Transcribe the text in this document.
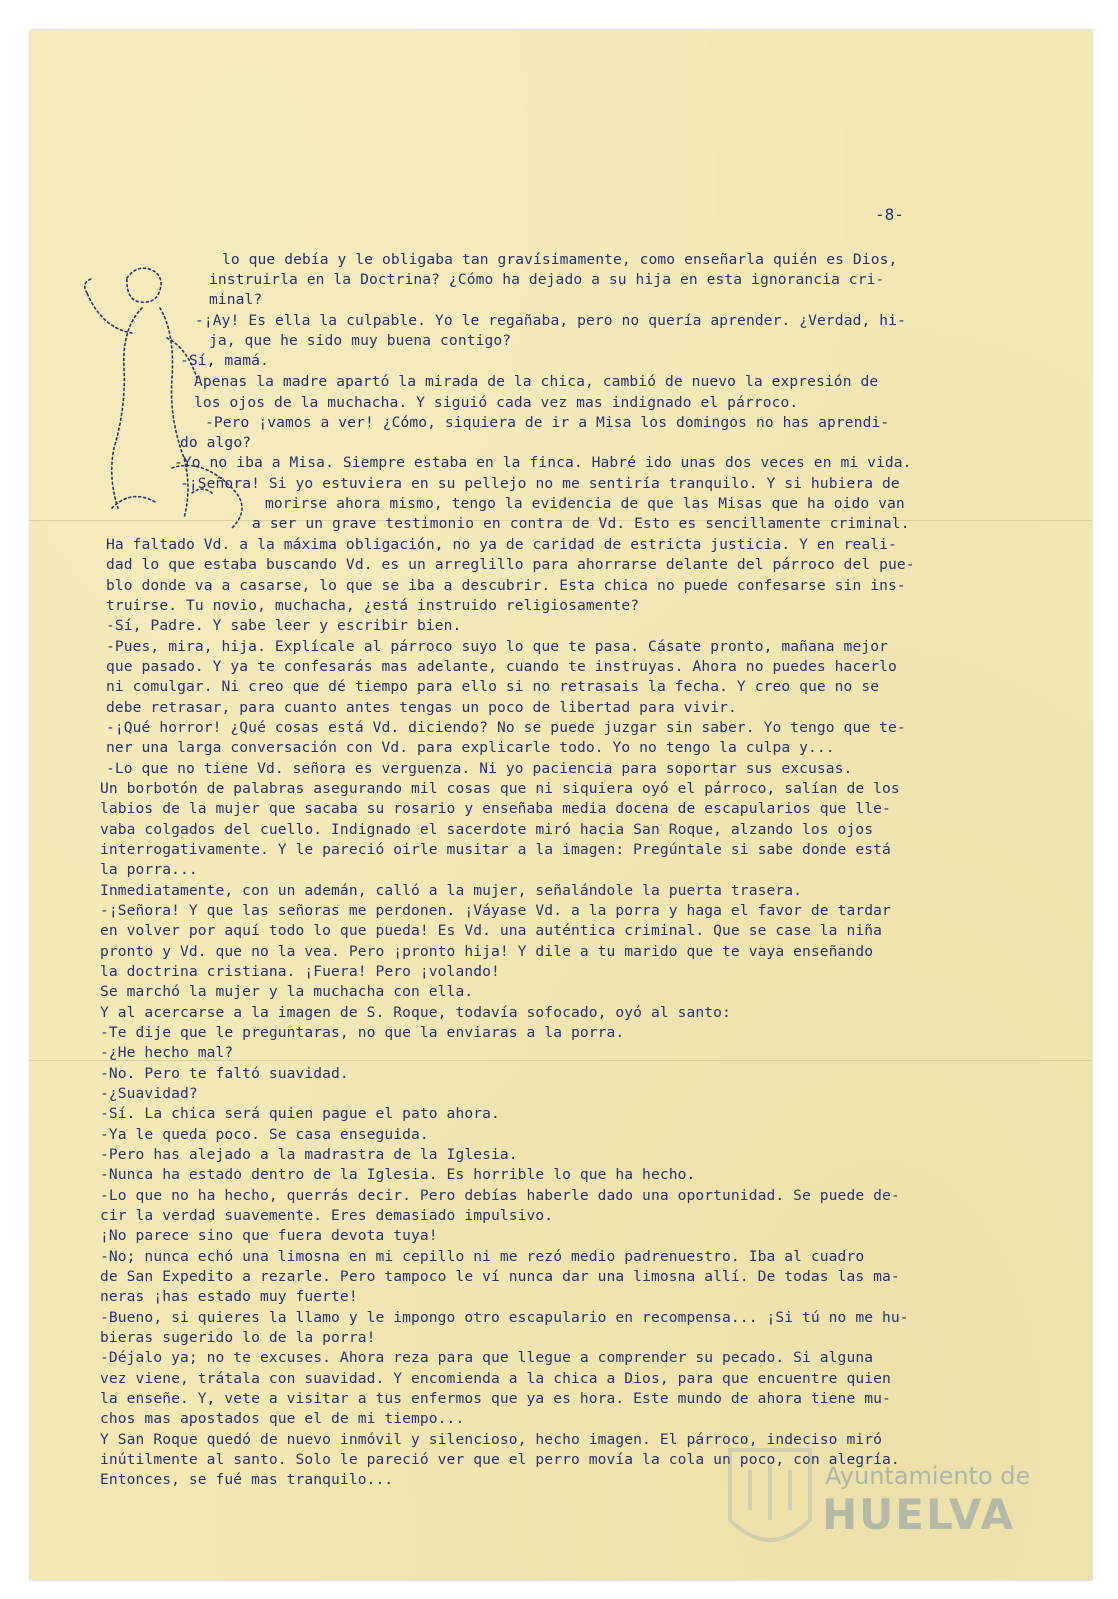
-8-
lo que debía y le obligaba tan gravísimamente, como enseñarla quién es Dios,
instruirla en la Doctrina? ¿Cómo ha dejado a su hija en esta ignorancia cri-
minal?
-¡Ay! Es ella la culpable. Yo le regañaba, pero no quería aprender. ¿Verdad, hi-
ja, que he sido muy buena contigo?
-Sí, mamá.
Apenas la madre apartó la mirada de la chica, cambió de nuevo la expresión de
los ojos de la muchacha. Y siguió cada vez mas indignado el párroco.
-Pero ¡vamos a ver! ¿Cómo, siquiera de ir a Misa los domingos no has aprendi-
do algo?
-Yo no iba a Misa. Siempre estaba en la finca. Habré ido unas dos veces en mi vida.
-¡Señora! Si yo estuviera en su pellejo no me sentiría tranquilo. Y si hubiera de
morirse ahora mismo, tengo la evidencia de que las Misas que ha oido van
a ser un grave testimonio en contra de Vd. Esto es sencillamente criminal.
Ha faltado Vd. a la máxima obligación, no ya de caridad de estricta justicia. Y en reali-
dad lo que estaba buscando Vd. es un arreglillo para ahorrarse delante del párroco del pue-
blo donde va a casarse, lo que se iba a descubrir. Esta chica no puede confesarse sin ins-
truirse. Tu novio, muchacha, ¿está instruido religiosamente?
-Sí, Padre. Y sabe leer y escribir bien.
-Pues, mira, hija. Explícale al párroco suyo lo que te pasa. Cásate pronto, mañana mejor
que pasado. Y ya te confesarás mas adelante, cuando te instruyas. Ahora no puedes hacerlo
ni comulgar. Ni creo que dé tiempo para ello si no retrasais la fecha. Y creo que no se
debe retrasar, para cuanto antes tengas un poco de libertad para vivir.
-¡Qué horror! ¿Qué cosas está Vd. diciendo? No se puede juzgar sin saber. Yo tengo que te-
ner una larga conversación con Vd. para explicarle todo. Yo no tengo la culpa y...
-Lo que no tiene Vd. señora es verguenza. Ni yo paciencia para soportar sus excusas.
Un borbotón de palabras asegurando mil cosas que ni siquiera oyó el párroco, salían de los
labios de la mujer que sacaba su rosario y enseñaba media docena de escapularios que lle-
vaba colgados del cuello. Indignado el sacerdote miró hacia San Roque, alzando los ojos
interrogativamente. Y le pareció oirle musitar a la imagen: Pregúntale si sabe donde está
la porra...
Inmediatamente, con un ademán, calló a la mujer, señalándole la puerta trasera.
-¡Señora! Y que las señoras me perdonen. ¡Váyase Vd. a la porra y haga el favor de tardar
en volver por aquí todo lo que pueda! Es Vd. una auténtica criminal. Que se case la niña
pronto y Vd. que no la vea. Pero ¡pronto hija! Y dile a tu marido que te vaya enseñando
la doctrina cristiana. ¡Fuera! Pero ¡volando!
Se marchó la mujer y la muchacha con ella.
Y al acercarse a la imagen de S. Roque, todavía sofocado, oyó al santo:
-Te dije que le preguntaras, no que la enviaras a la porra.
-¿He hecho mal?
-No. Pero te faltó suavidad.
-¿Suavidad?
-Sí. La chica será quien pague el pato ahora.
-Ya le queda poco. Se casa enseguida.
-Pero has alejado a la madrastra de la Iglesia.
-Nunca ha estado dentro de la Iglesia. Es horrible lo que ha hecho.
-Lo que no ha hecho, querrás decir. Pero debías haberle dado una oportunidad. Se puede de-
cir la verdad suavemente. Eres demasiado impulsivo.
¡No parece sino que fuera devota tuya!
-No; nunca echó una limosna en mi cepillo ni me rezó medio padrenuestro. Iba al cuadro
de San Expedito a rezarle. Pero tampoco le ví nunca dar una limosna allí. De todas las ma-
neras ¡has estado muy fuerte!
-Bueno, si quieres la llamo y le impongo otro escapulario en recompensa... ¡Si tú no me hu-
bieras sugerido lo de la porra!
-Déjalo ya; no te excuses. Ahora reza para que llegue a comprender su pecado. Si alguna
vez viene, trátala con suavidad. Y encomienda a la chica a Dios, para que encuentre quien
la enseñe. Y, vete a visitar a tus enfermos que ya es hora. Este mundo de ahora tiene mu-
chos mas apostados que el de mi tiempo...
Y San Roque quedó de nuevo inmóvil y silencioso, hecho imagen. El párroco, indeciso miró
inútilmente al santo. Solo le pareció ver que el perro movía la cola un poco, con alegría.
Entonces, se fué mas tranquilo...	Ayuntamiento de
HUELVA
